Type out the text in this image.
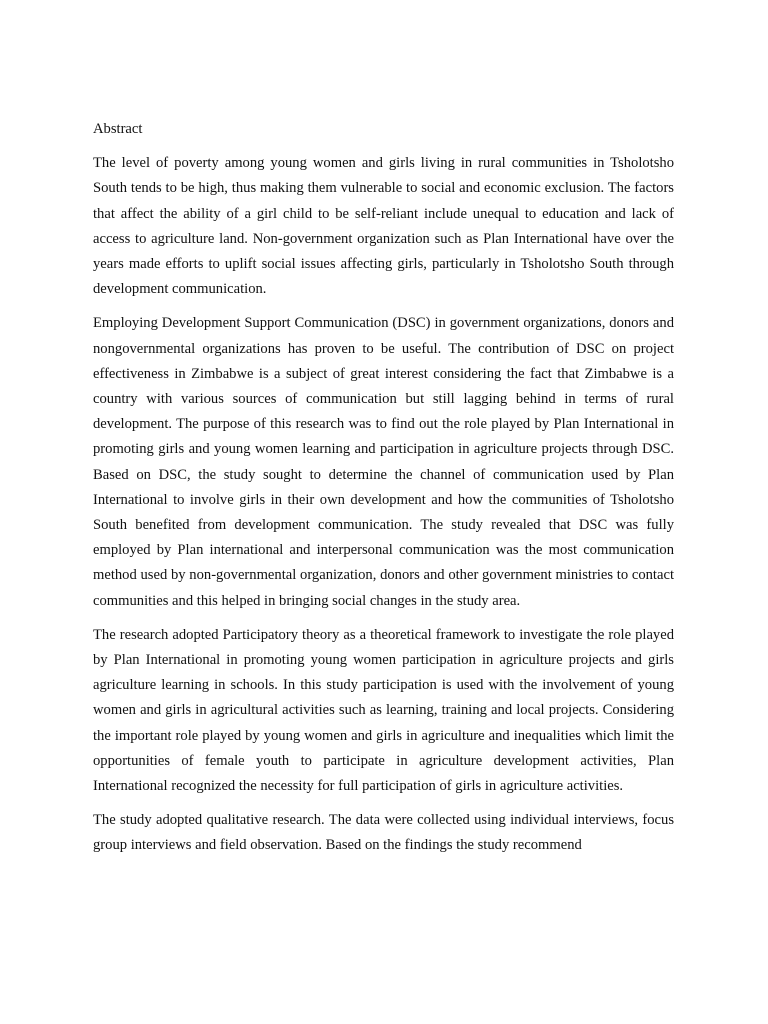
Abstract

The level of poverty among young women and girls living in rural communities in Tsholotsho South tends to be high, thus making them vulnerable to social and economic exclusion. The factors that affect the ability of a girl child to be self-reliant include unequal to education and lack of access to agriculture land. Non-government organization such as Plan International have over the years made efforts to uplift social issues affecting girls, particularly in Tsholotsho South through development communication.

Employing Development Support Communication (DSC) in government organizations, donors and nongovernmental organizations has proven to be useful. The contribution of DSC on project effectiveness in Zimbabwe is a subject of great interest considering the fact that Zimbabwe is a country with various sources of communication but still lagging behind in terms of rural development. The purpose of this research was to find out the role played by Plan International in promoting girls and young women learning and participation in agriculture projects through DSC. Based on DSC, the study sought to determine the channel of communication used by Plan International to involve girls in their own development and how the communities of Tsholotsho South benefited from development communication. The study revealed that DSC was fully employed by Plan international and interpersonal communication was the most communication method used by non-governmental organization, donors and other government ministries to contact communities and this helped in bringing social changes in the study area.

The research adopted Participatory theory as a theoretical framework to investigate the role played by Plan International in promoting young women participation in agriculture projects and girls agriculture learning in schools. In this study participation is used with the involvement of young women and girls in agricultural activities such as learning, training and local projects. Considering the important role played by young women and girls in agriculture and inequalities which limit the opportunities of female youth to participate in agriculture development activities, Plan International recognized the necessity for full participation of girls in agriculture activities.

The study adopted qualitative research. The data were collected using individual interviews, focus group interviews and field observation. Based on the findings the study recommend
